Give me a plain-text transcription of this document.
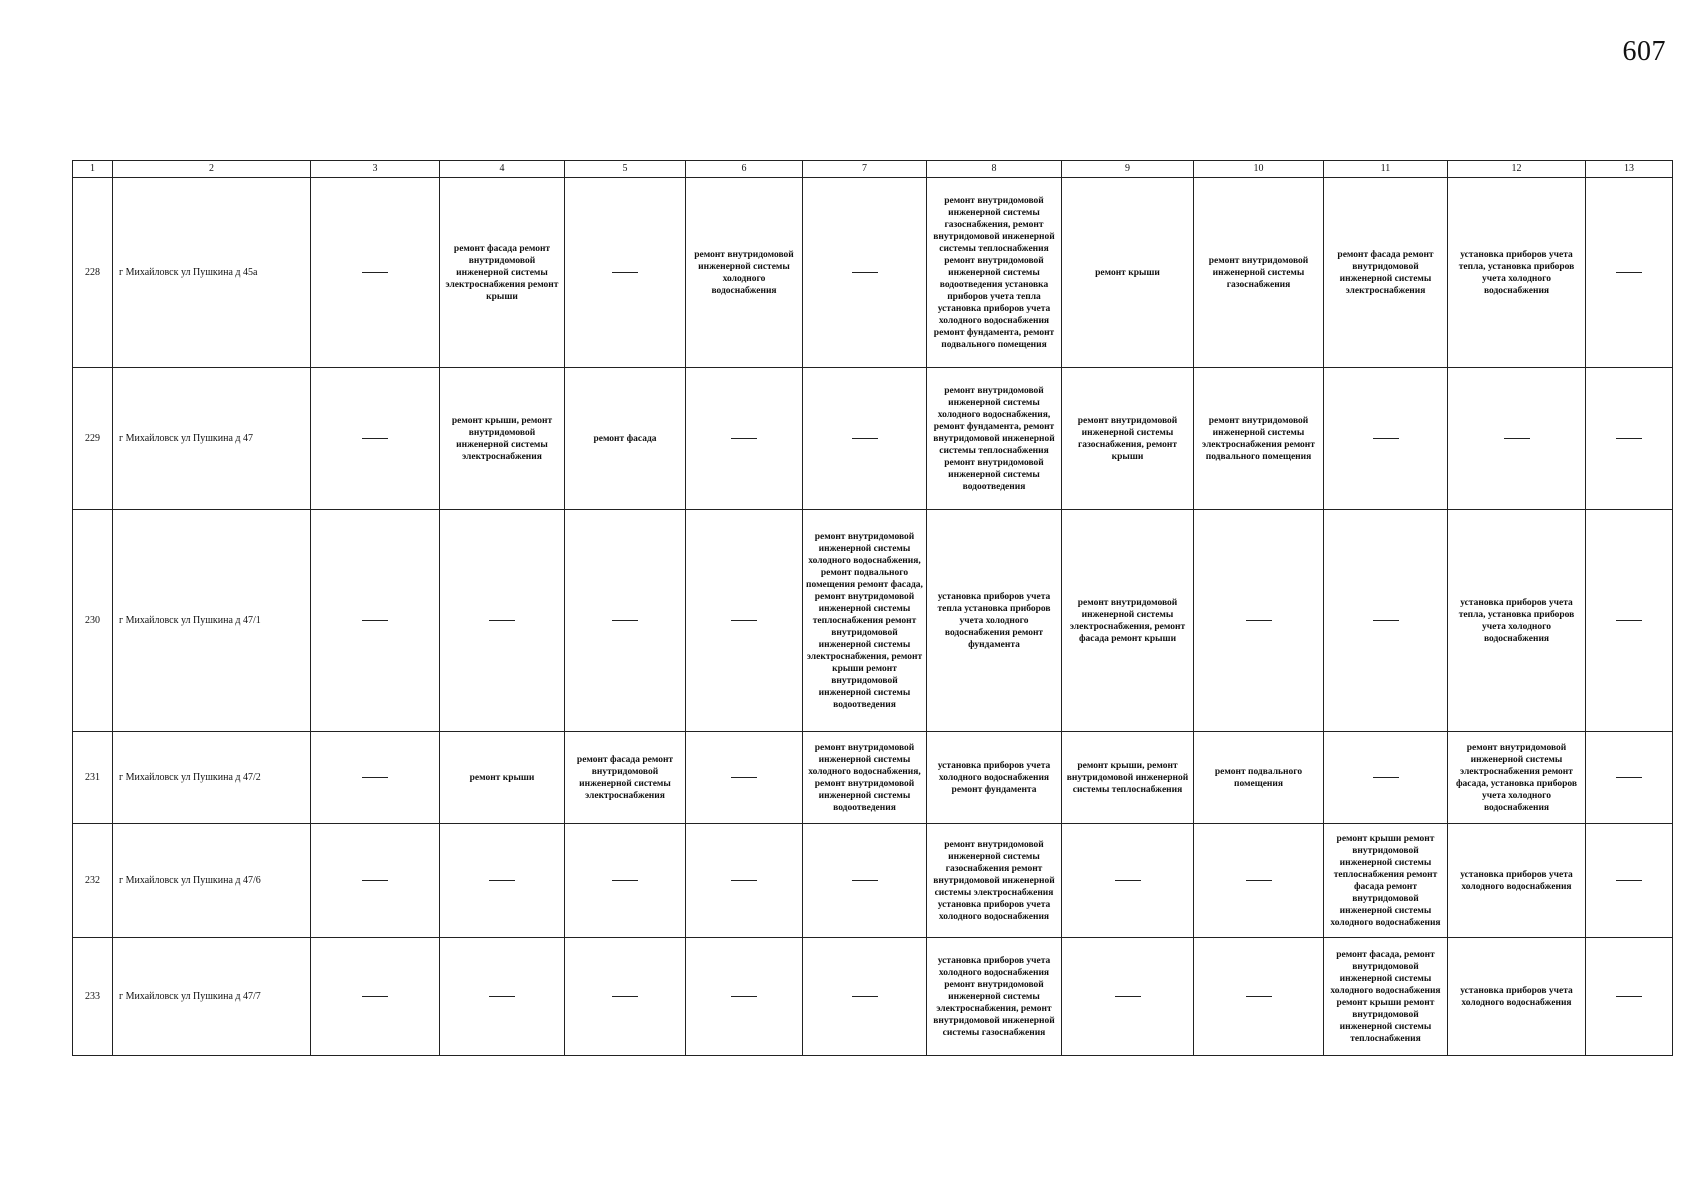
607
1	2	3	4	5	6	7	8	9	10	11	12	13
228	г Михайловск ул Пушкина д 45а		ремонт фасада ремонт внутридомовой инженерной системы электроснабжения ремонт крыши		ремонт внутридомовой инженерной системы холодного водоснабжения		ремонт внутридомовой инженерной системы газоснабжения, ремонт внутридомовой инженерной системы теплоснабжения ремонт внутридомовой инженерной системы водоотведения установка приборов учета тепла установка приборов учета холодного водоснабжения ремонт фундамента, ремонт подвального помещения	ремонт крыши	ремонт внутридомовой инженерной системы газоснабжения	ремонт фасада ремонт внутридомовой инженерной системы электроснабжения	установка приборов учета тепла, установка приборов учета холодного водоснабжения	
229	г Михайловск ул Пушкина д 47		ремонт крыши, ремонт внутридомовой инженерной системы электроснабжения	ремонт фасада			ремонт внутридомовой инженерной системы холодного водоснабжения, ремонт фундамента, ремонт внутридомовой инженерной системы теплоснабжения ремонт внутридомовой инженерной системы водоотведения	ремонт внутридомовой инженерной системы газоснабжения, ремонт крыши	ремонт внутридомовой инженерной системы электроснабжения ремонт подвального помещения			
230	г Михайловск ул Пушкина д 47/1					ремонт внутридомовой инженерной системы холодного водоснабжения, ремонт подвального помещения ремонт фасада, ремонт внутридомовой инженерной системы теплоснабжения ремонт внутридомовой инженерной системы электроснабжения, ремонт крыши ремонт внутридомовой инженерной системы водоотведения	установка приборов учета тепла установка приборов учета холодного водоснабжения ремонт фундамента	ремонт внутридомовой инженерной системы электроснабжения, ремонт фасада ремонт крыши			установка приборов учета тепла, установка приборов учета холодного водоснабжения	
231	г Михайловск ул Пушкина д 47/2		ремонт крыши	ремонт фасада ремонт внутридомовой инженерной системы электроснабжения		ремонт внутридомовой инженерной системы холодного водоснабжения, ремонт внутридомовой инженерной системы водоотведения	установка приборов учета холодного водоснабжения ремонт фундамента	ремонт крыши, ремонт внутридомовой инженерной системы теплоснабжения	ремонт подвального помещения		ремонт внутридомовой инженерной системы электроснабжения ремонт фасада, установка приборов учета холодного водоснабжения	
232	г Михайловск ул Пушкина д 47/6						ремонт внутридомовой инженерной системы газоснабжения ремонт внутридомовой инженерной системы электроснабжения установка приборов учета холодного водоснабжения			ремонт крыши ремонт внутридомовой инженерной системы теплоснабжения ремонт фасада ремонт внутридомовой инженерной системы холодного водоснабжения	установка приборов учета холодного водоснабжения	
233	г Михайловск ул Пушкина д 47/7						установка приборов учета холодного водоснабжения ремонт внутридомовой инженерной системы электроснабжения, ремонт внутридомовой инженерной системы газоснабжения			ремонт фасада, ремонт внутридомовой инженерной системы холодного водоснабжения ремонт крыши ремонт внутридомовой инженерной системы теплоснабжения	установка приборов учета холодного водоснабжения	
